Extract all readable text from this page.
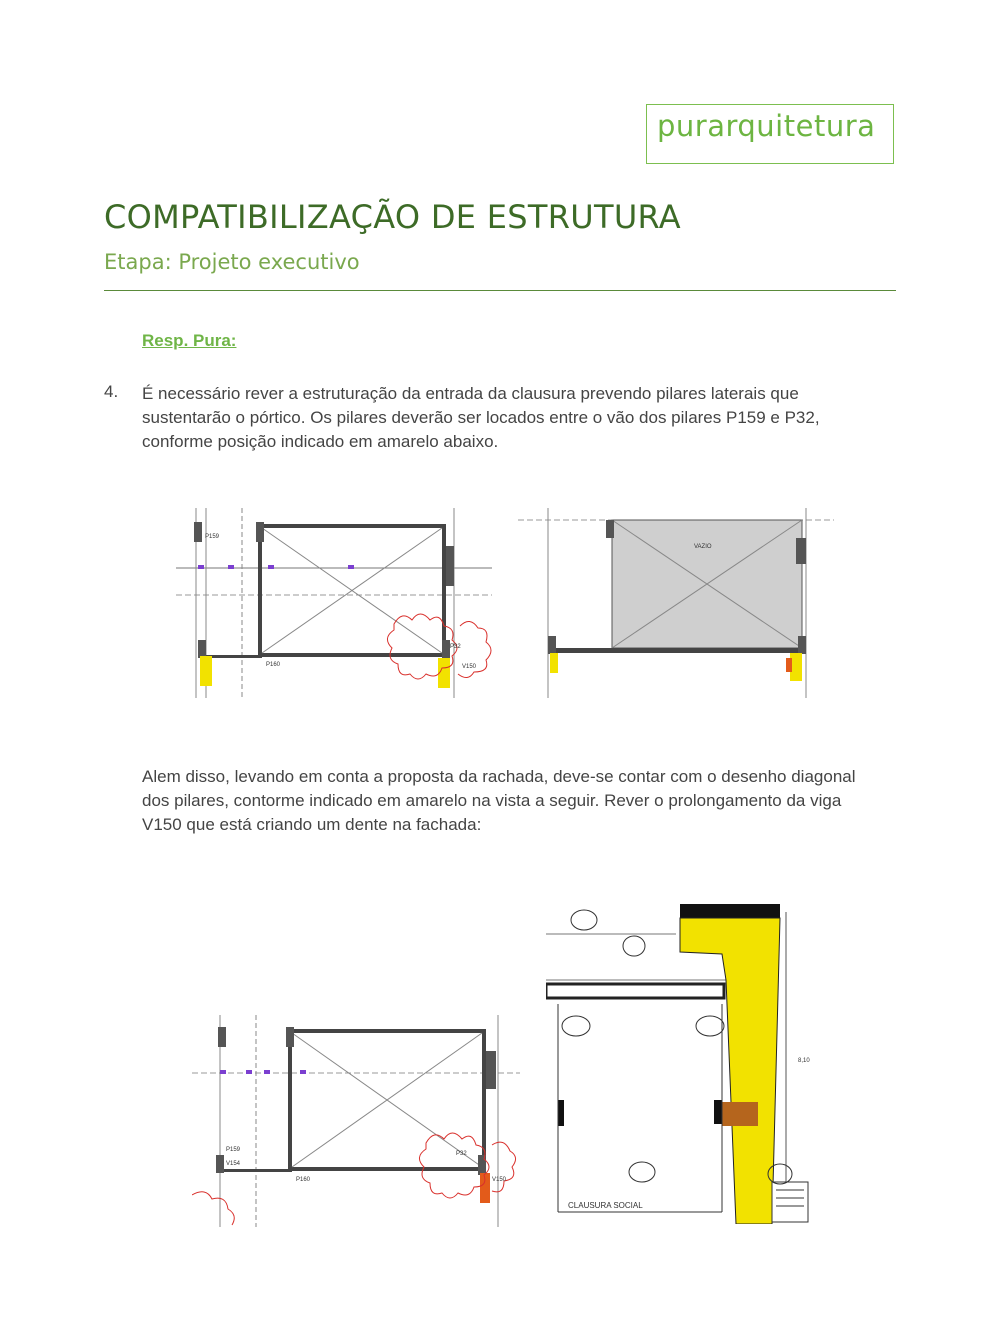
purarquitetura
COMPATIBILIZAÇÃO DE ESTRUTURA
Etapa: Projeto executivo
Resp. Pura:
4. É necessário rever a estruturação da entrada da clausura prevendo pilares laterais que sustentarão o pórtico. Os pilares deverão ser locados entre o vão dos pilares P159 e P32, conforme posição indicado em amarelo abaixo.
P159
P32
P160	V150
VAZIO
Alem disso, levando em conta a proposta da rachada, deve-se contar com o desenho diagonal dos pilares, contorme indicado em amarelo na vista a seguir. Rever o prolongamento da viga V150 que está criando um dente na fachada:
P159
V154
P32
P160	V150
CLAUSURA SOCIAL
8,10
